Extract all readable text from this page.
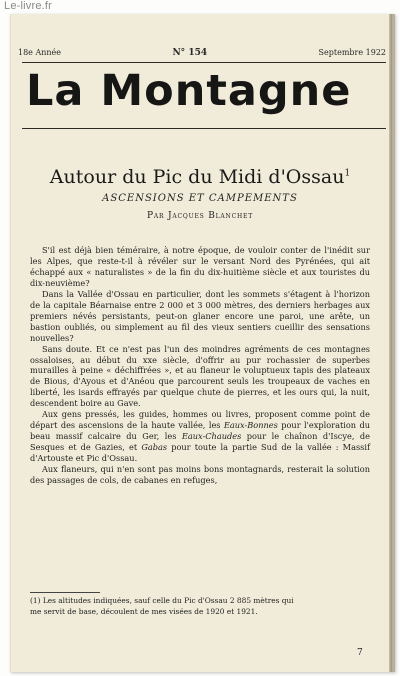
Le-livre.fr
18e Année	N° 154	Septembre 1922
La Montagne
Autour du Pic du Midi d'Ossau$^1$
ASCENSIONS ET CAMPEMENTS
Par Jacques Blanchet

S'il est déjà bien téméraire, à notre époque, de vouloir conter de l'inédit sur les Alpes, que reste-t-il à révéler sur le versant Nord des Pyrénées, qui ait échappé aux « naturalistes » de la fin du dix-huitième siècle et aux touristes du dix-neuvième?

Dans la Vallée d'Ossau en particulier, dont les sommets s'étagent à l'horizon de la capitale Béarnaise entre 2 000 et 3 000 mètres, des derniers herbages aux premiers névés persistants, peut-on glaner encore une paroi, une arête, un bastion oubliés, ou simplement au fil des vieux sentiers cueillir des sensations nouvelles?

Sans doute. Et ce n'est pas l'un des moindres agréments de ces montagnes ossaloises, au début du xxe siècle, d'offrir au pur rochassier de superbes murailles à peine « déchiffrées », et au flaneur le voluptueux tapis des plateaux de Bious, d'Ayous et d'Anéou que parcourent seuls les troupeaux de vaches en liberté, les isards effrayés par quelque chute de pierres, et les ours qui, la nuit, descendent boire au Gave.

Aux gens pressés, les guides, hommes ou livres, proposent comme point de départ des ascensions de la haute vallée, les Eaux-Bonnes pour l'exploration du beau massif calcaire du Ger, les Eaux-Chaudes pour le chaînon d'Iscye, de Sesques et de Gazies, et Gabas pour toute la partie Sud de la vallée : Massif d'Artouste et Pic d'Ossau.

Aux flaneurs, qui n'en sont pas moins bons montagnards, resterait la solution des passages de cols, de cabanes en refuges,

(1) Les altitudes indiquées, sauf celle du Pic d'Ossau 2 885 mètres qui
me servit de base, découlent de mes visées de 1920 et 1921.
7
